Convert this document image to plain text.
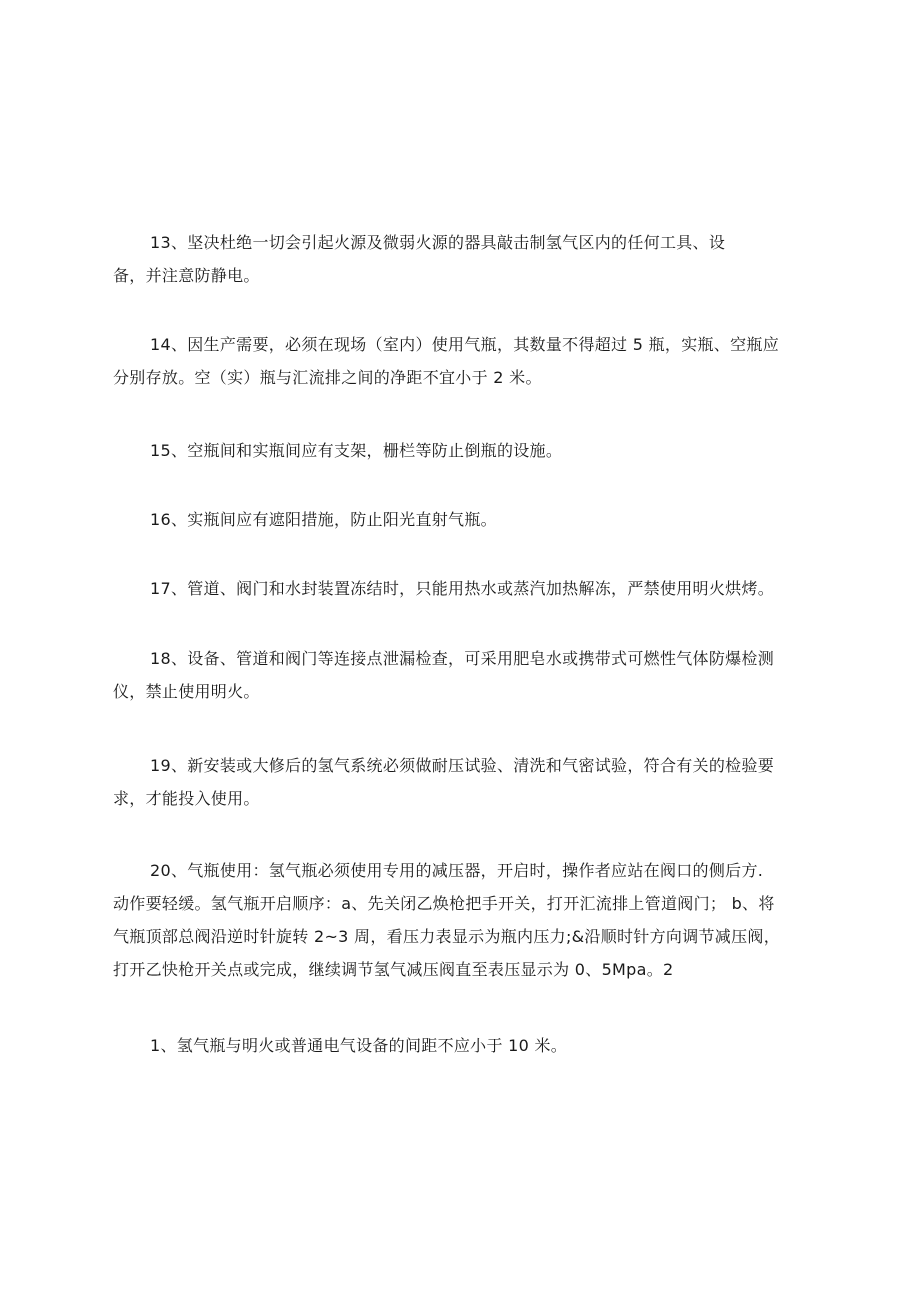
13、坚决杜绝一切会引起火源及微弱火源的器具敲击制氢气区内的任何工具、设
备，并注意防静电。

14、因生产需要，必须在现场（室内）使用气瓶，其数量不得超过 5 瓶，实瓶、空瓶应
分别存放。空（实）瓶与汇流排之间的净距不宜小于 2 米。

15、空瓶间和实瓶间应有支架，栅栏等防止倒瓶的设施。

16、实瓶间应有遮阳措施，防止阳光直射气瓶。

17、管道、阀门和水封装置冻结时，只能用热水或蒸汽加热解冻，严禁使用明火烘烤。

18、设备、管道和阀门等连接点泄漏检查，可采用肥皂水或携带式可燃性气体防爆检测
仪，禁止使用明火。

19、新安装或大修后的氢气系统必须做耐压试验、清洗和气密试验，符合有关的检验要
求，才能投入使用。

20、气瓶使用：氢气瓶必须使用专用的减压器，开启时，操作者应站在阀口的侧后方.
动作要轻缓。氢气瓶开启顺序：a、先关闭乙焕枪把手开关，打开汇流排上管道阀门； b、将
气瓶顶部总阀沿逆时针旋转 2~3 周，看压力表显示为瓶内压力;&沿顺时针方向调节减压阀，
打开乙快枪开关点或完成，继续调节氢气减压阀直至表压显示为 0、5Mpa。2

1、氢气瓶与明火或普通电气设备的间距不应小于 10 米。
